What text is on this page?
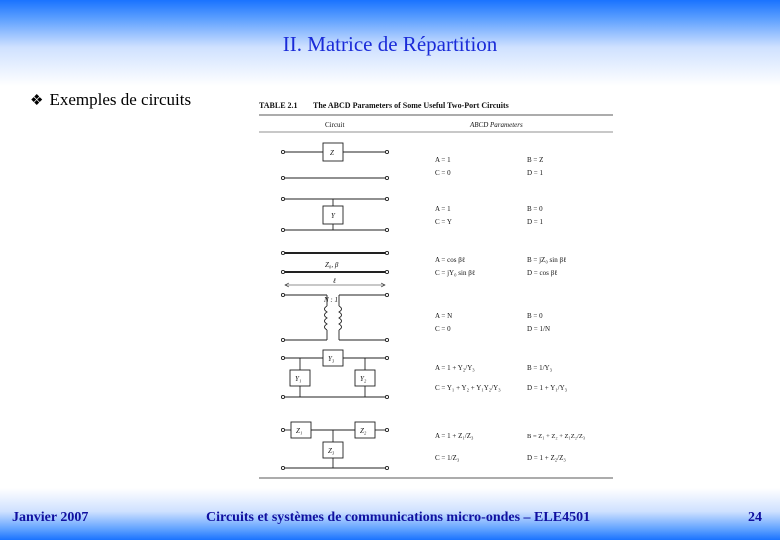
II. Matrice de Répartition
❖ Exemples de circuits	TABLE 2.1 The ABCD Parameters of Some Useful Two-Port Circuits
Circuit	ABCD Parameters
Z
A = 1	B = Z
C = 0	D = 1
Y
A = 1	B = 0
C = Y	D = 1
Z₀, β
ℓ
A = cos βℓ	B = jZ₀ sin βℓ
C = jY₀ sin βℓ	D = cos βℓ
N : 1
A = N	B = 0
C = 0	D = 1/N
Y₃
Y₁	Y₂
A = 1 + Y₂/Y₃	B = 1/Y₃
C = Y₁ + Y₂ + Y₁Y₂/Y₃	D = 1 + Y₁/Y₃
Z₁	Z₂
Z₃
A = 1 + Z₁/Z₃	B = Z₁ + Z₂ + Z₁Z₂/Z₃
C = 1/Z₃	D = 1 + Z₂/Z₃
Janvier 2007	Circuits et systèmes de communications micro-ondes – ELE4501	24
